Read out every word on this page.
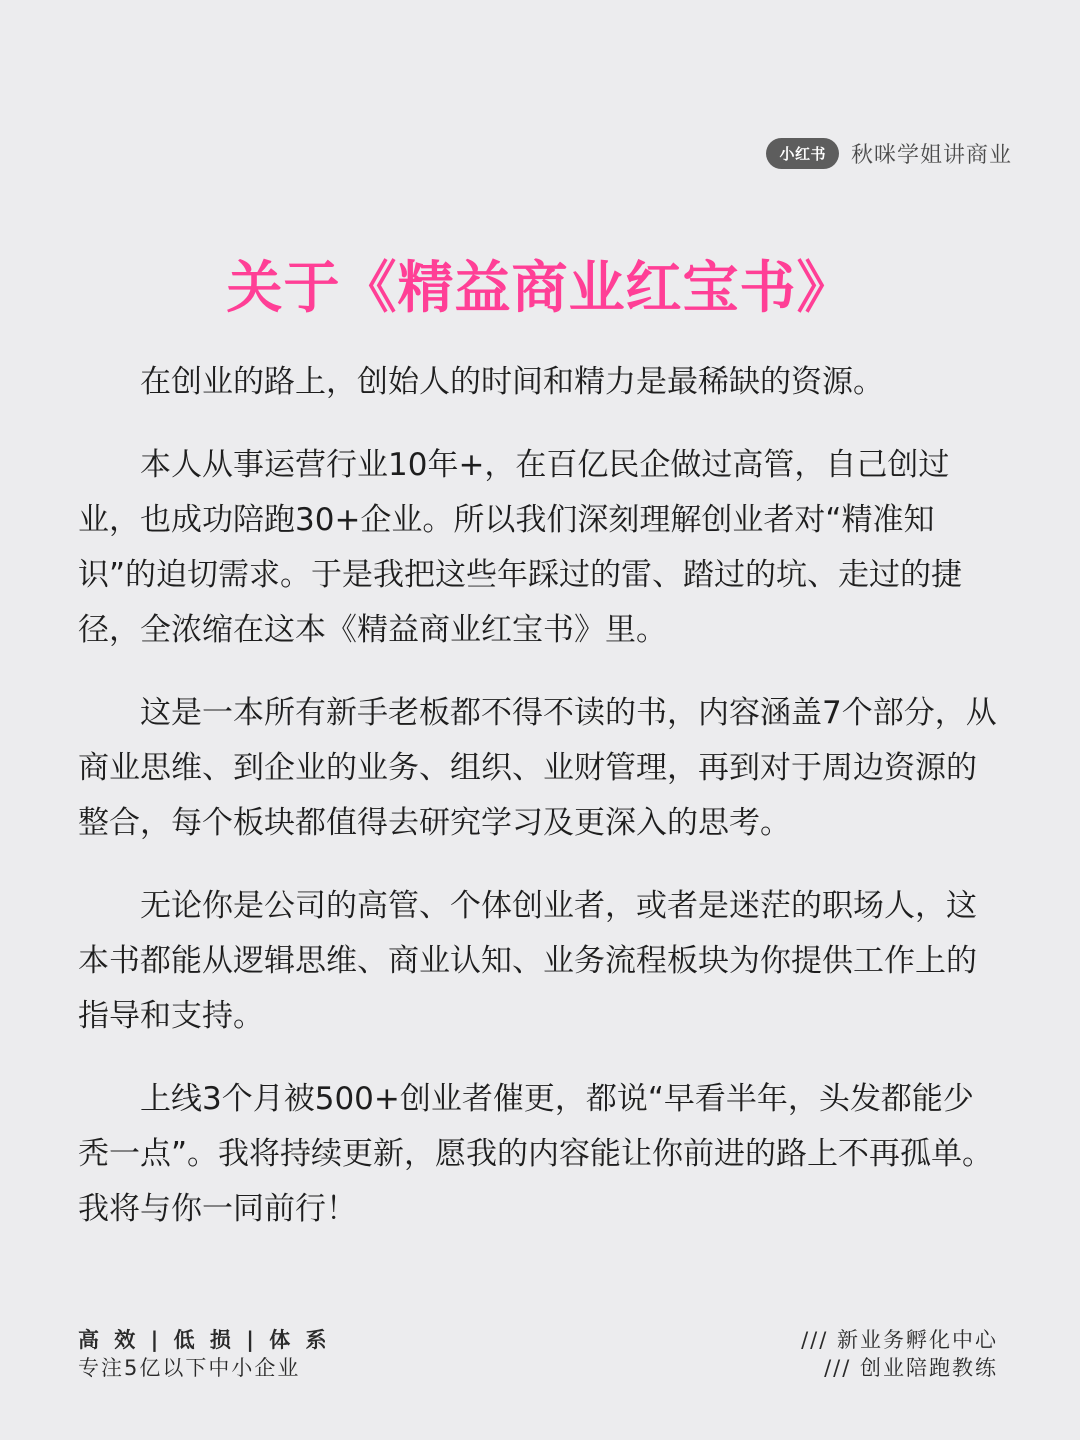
小红书	秋咪学姐讲商业
关于《精益商业红宝书》

在创业的路上，创始人的时间和精力是最稀缺的资源。

本人从事运营行业10年+，在百亿民企做过高管，自己创过业，也成功陪跑30+企业。所以我们深刻理解创业者对“精准知识”的迫切需求。于是我把这些年踩过的雷、踏过的坑、走过的捷径，全浓缩在这本《精益商业红宝书》里。

这是一本所有新手老板都不得不读的书，内容涵盖7个部分，从商业思维、到企业的业务、组织、业财管理，再到对于周边资源的整合，每个板块都值得去研究学习及更深入的思考。

无论你是公司的高管、个体创业者，或者是迷茫的职场人，这本书都能从逻辑思维、商业认知、业务流程板块为你提供工作上的指导和支持。

上线3个月被500+创业者催更，都说“早看半年，头发都能少秃一点”。我将持续更新，愿我的内容能让你前进的路上不再孤单。我将与你一同前行！

高 效 | 低 损 | 体 系
专注5亿以下中小企业
/// 新业务孵化中心
/// 创业陪跑教练
